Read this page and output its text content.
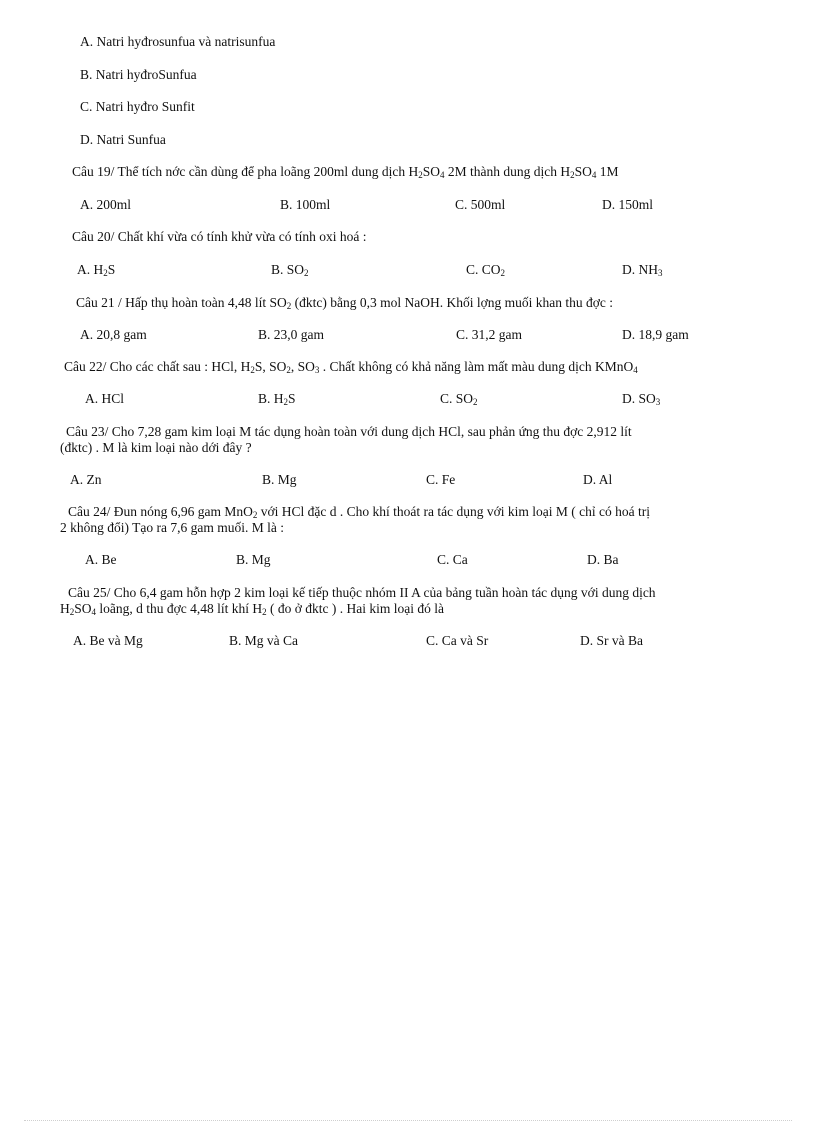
A. Natri hyđrosunfua và natrisunfua
B. Natri hyđroSunfua
C. Natri hyđro Sunfit
D. Natri Sunfua
Câu 19/ Thể tích nớc cần dùng để pha loãng 200ml dung dịch $H_2SO_4$ 2M thành dung dịch $H_2SO_4$ 1M
A. 200ml	B. 100ml	C. 500ml	D. 150ml
Câu 20/ Chất khí vừa có tính khử vừa có tính oxi hoá :
A. $H_2S$	B. $SO_2$	C. $CO_2$	D. $NH_3$
Câu 21 / Hấp thụ hoàn toàn 4,48 lít $SO_2$ (đktc) bằng 0,3 mol NaOH. Khối lợng muối khan thu đợc :
A. 20,8 gam	B. 23,0 gam	C. 31,2 gam	D. 18,9 gam
Câu 22/ Cho các chất sau : HCl, $H_2S$, $SO_2$, $SO_3$ . Chất không có khả năng làm mất màu dung dịch KMnO$_4$
A. HCl	B. $H_2S$	C. $SO_2$	D. $SO_3$
Câu 23/ Cho 7,28 gam kim loại M tác dụng hoàn toàn với dung dịch HCl, sau phản ứng thu đợc 2,912 lít
(đktc) . M là kim loại nào dới đây ?
A. Zn	B. Mg	C. Fe	D. Al
Câu 24/ Đun nóng 6,96 gam MnO$_2$ với HCl đặc d . Cho khí thoát ra tác dụng với kim loại M ( chỉ có hoá trị
2 không đổi) Tạo ra 7,6 gam muối. M là :
A. Be	B. Mg	C. Ca	D. Ba
Câu 25/ Cho 6,4 gam hỗn hợp 2 kim loại kế tiếp thuộc nhóm II A của bảng tuần hoàn tác dụng với dung dịch
$H_2SO_4$ loãng, d thu đợc 4,48 lít khí $H_2$ ( đo ở đktc ) . Hai kim loại đó là
A. Be và Mg	B. Mg và Ca	C. Ca và Sr	D. Sr và Ba
